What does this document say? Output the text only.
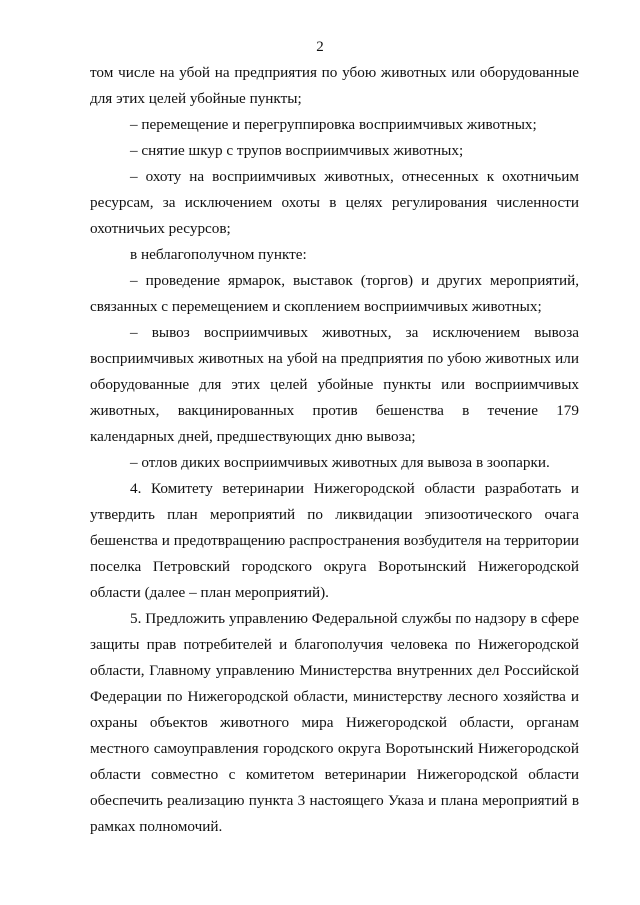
2

том числе на убой на предприятия по убою животных или оборудованные для этих целей убойные пункты;

– перемещение и перегруппировка восприимчивых животных;

– снятие шкур с трупов восприимчивых животных;

– охоту на восприимчивых животных, отнесенных к охотничьим ресурсам, за исключением охоты в целях регулирования численности охотничьих ресурсов;

в неблагополучном пункте:

– проведение ярмарок, выставок (торгов) и других мероприятий, связанных с перемещением и скоплением восприимчивых животных;

– вывоз восприимчивых животных, за исключением вывоза восприимчивых животных на убой на предприятия по убою животных или оборудованные для этих целей убойные пункты или восприимчивых животных, вакцинированных против бешенства в течение 179 календарных дней, предшествующих дню вывоза;

– отлов диких восприимчивых животных для вывоза в зоопарки.

4. Комитету ветеринарии Нижегородской области разработать и утвердить план мероприятий по ликвидации эпизоотического очага бешенства и предотвращению распространения возбудителя на территории поселка Петровский городского округа Воротынский Нижегородской области (далее – план мероприятий).

5. Предложить управлению Федеральной службы по надзору в сфере защиты прав потребителей и благополучия человека по Нижегородской области, Главному управлению Министерства внутренних дел Российской Федерации по Нижегородской области, министерству лесного хозяйства и охраны объектов животного мира Нижегородской области, органам местного самоуправления городского округа Воротынский Нижегородской области совместно с комитетом ветеринарии Нижегородской области обеспечить реализацию пункта 3 настоящего Указа и плана мероприятий в рамках полномочий.
